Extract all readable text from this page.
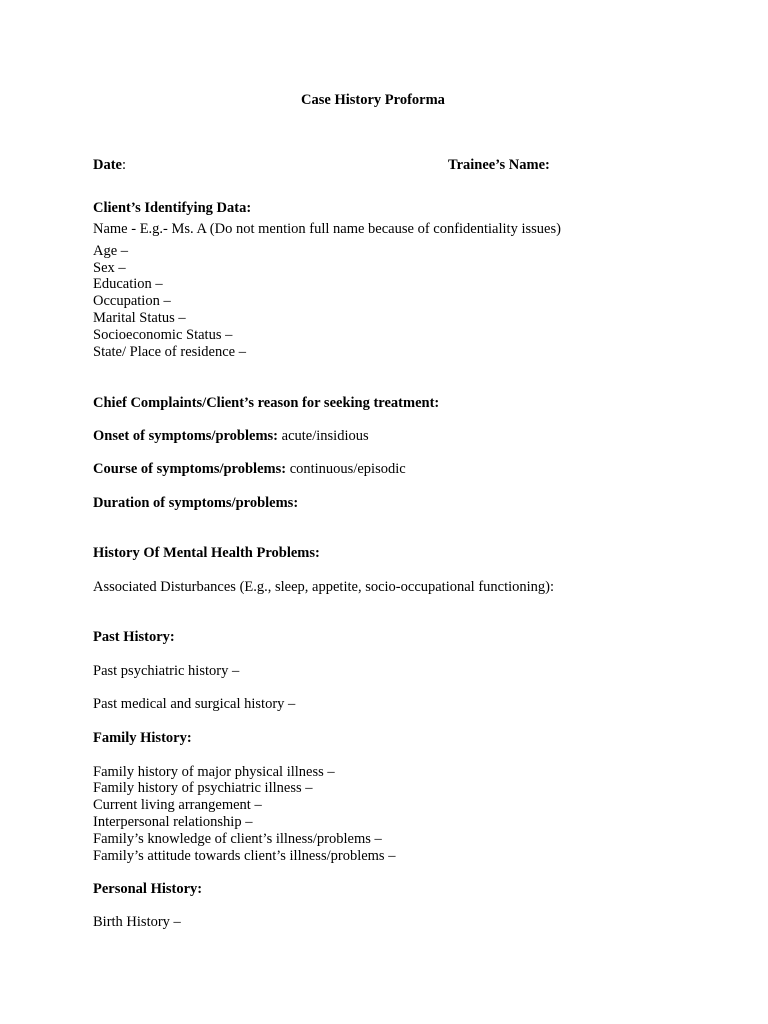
Case History Proforma
Date:	Trainee’s Name:
Client’s Identifying Data:
Name - E.g.- Ms. A (Do not mention full name because of confidentiality issues)
Age –
Sex –
Education –
Occupation –
Marital Status –
Socioeconomic Status –
State/ Place of residence –
Chief Complaints/Client’s reason for seeking treatment:
Onset of symptoms/problems: acute/insidious
Course of symptoms/problems: continuous/episodic
Duration of symptoms/problems:
History Of Mental Health Problems:
Associated Disturbances (E.g., sleep, appetite, socio-occupational functioning):
Past History:
Past psychiatric history –
Past medical and surgical history –
Family History:
Family history of major physical illness –
Family history of psychiatric illness –
Current living arrangement –
Interpersonal relationship –
Family’s knowledge of client’s illness/problems –
Family’s attitude towards client’s illness/problems –
Personal History:
Birth History –
